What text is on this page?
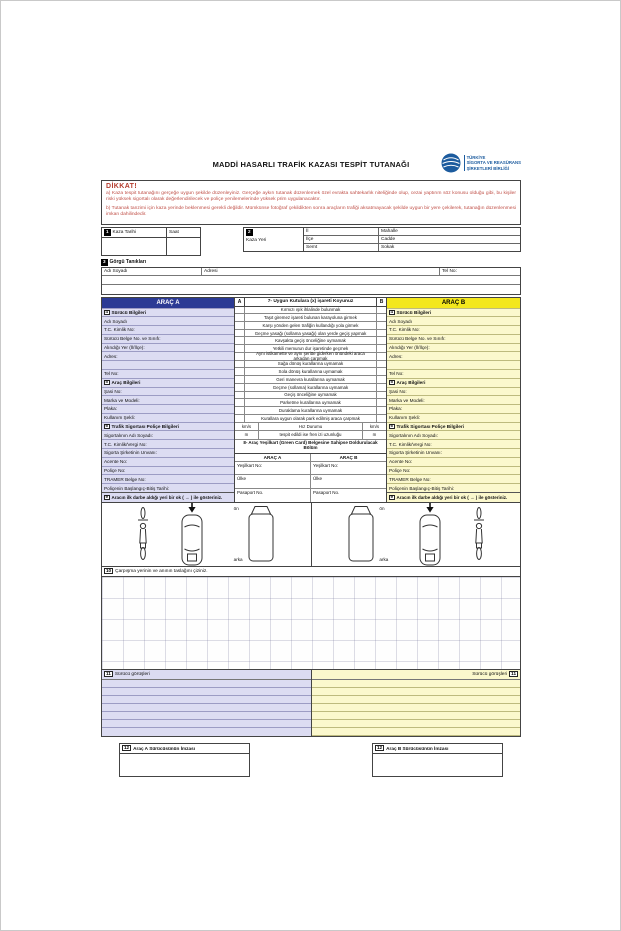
MADDİ HASARLI TRAFİK KAZASI TESPİT TUTANAĞI
TÜRKİYE
SİGORTA VE REASÜRANS
ŞİRKETLERİ BİRLİĞİ
DİKKAT!

a) Kaza tespit tutanağını gerçeğe uygun şekilde düzenleyiniz. Gerçeğe aykırı tutanak düzenlemek özel evrakta sahtekarlık niteliğinde olup, cezai yaptırım söz konusu olduğu gibi, bu kişiler riski yüksek sigortalı olarak değerlendirilecek ve poliçe yenilemelerinde yüksek prim uygulanacaktır.

b) Tutanak tanzimi için kaza yerinde beklenmesi gerekli değildir. Mümkünse fotoğraf çekildikten sonra araçların trafiği aksatmayacak şekilde uygun bir yere çekilerek, tutanağın düzenlenmesi imkan dahilindedir.

1 Kaza Tarihi	Saat	2
Kaza Yeri
İl	Mahalle
İlçe	Cadde
Semt	Sokak
3 Görgü Tanıkları
Adı Soyadı	Adresi	Tel No:
ARAÇ A
4 Sürücü Bilgileri
Adı Soyadı
T.C. Kimlik No:
Sürücü Belge No. ve Sınıfı:
Alındığı Yer (İl/İlçe):
Adres:
Tel No:
5 Araç Bilgileri
Şasi No:
Marka ve Modeli:
Plaka:
Kullanım Şekli:
6 Trafik Sigortası Poliçe Bilgileri
Sigortalının Adı Soyadı:
T.C. Kimlik/Vergi No:
Sigorta Şirketinin Unvanı:
Acente No:
Poliçe No:
TRAMER Belge No:
Poliçenin Başlangıç-Bitiş Tarihi:
9 Aracın ilk darbe aldığı yeri bir ok ( → ) ile gösteriniz.
A	7- Uygun Kutulara (x) işareti Koyunuz	B
Kırmızı ışık ihlalinde bulunmak
Taşıt giremez işareti bulunan karayoluna girmek
Karşı yönden gelen trafiğin kullandığı yola girmek
Geçme yasağı (sollama yasağı) olan yerde geçiş yapmak
Kavşakta geçiş önceliğine uymamak
Yetkili memurun dur işaretinde geçmek
Aynı istikamette ve aynı şeritte giderken önündeki araca arkadan çarpmak
Sağa dönüş kurallarına uymamak
Sola dönüş kurallarına uymamak
Geri manevra kurallarına uymamak
Geçme (sollama) kurallarına uymamak
Geçiş önceliğine uymamak
Parketme kurallarına uymamak
Duraklama kurallarına uymamak
Kurallara uygun olarak park edilmiş araca çarpmak
km/s	Hız Durumu	km/s
m	tespit edildi ise fren izi uzunluğu	m
8- Araç Yeşilkart (Green Card) Belgesine Sahipse Doldurulacak Bölüm
ARAÇ A	ARAÇ B
Yeşilkart No:	Yeşilkart No:
Ülke	Ülke
Pasaport No.	Pasaport No.
ARAÇ B
4 Sürücü Bilgileri
Adı Soyadı
T.C. Kimlik No:
Sürücü Belge No. ve Sınıfı:
Alındığı Yer (İl/İlçe):
Adres:
Tel No:
5 Araç Bilgileri
Şasi No:
Marka ve Modeli:
Plaka:
Kullanım Şekli:
6 Trafik Sigortası Poliçe Bilgileri
Sigortalının Adı Soyadı:
T.C. Kimlik/Vergi No:
Sigorta Şirketinin Unvanı:
Acente No:
Poliçe No:
TRAMER Belge No:
Poliçenin Başlangıç-Bitiş Tarihi:
9 Aracın ilk darbe aldığı yeri bir ok ( → ) ile gösteriniz.
ön
arka
ön
arka
10 Çarpışma yerinin ve anının taslağını çiziniz.
11 Sürücü görüşleri	Sürücü görüşleri 11
12 Araç A Sürücüsünün İmzası	12 Araç B Sürücüsünün İmzası
